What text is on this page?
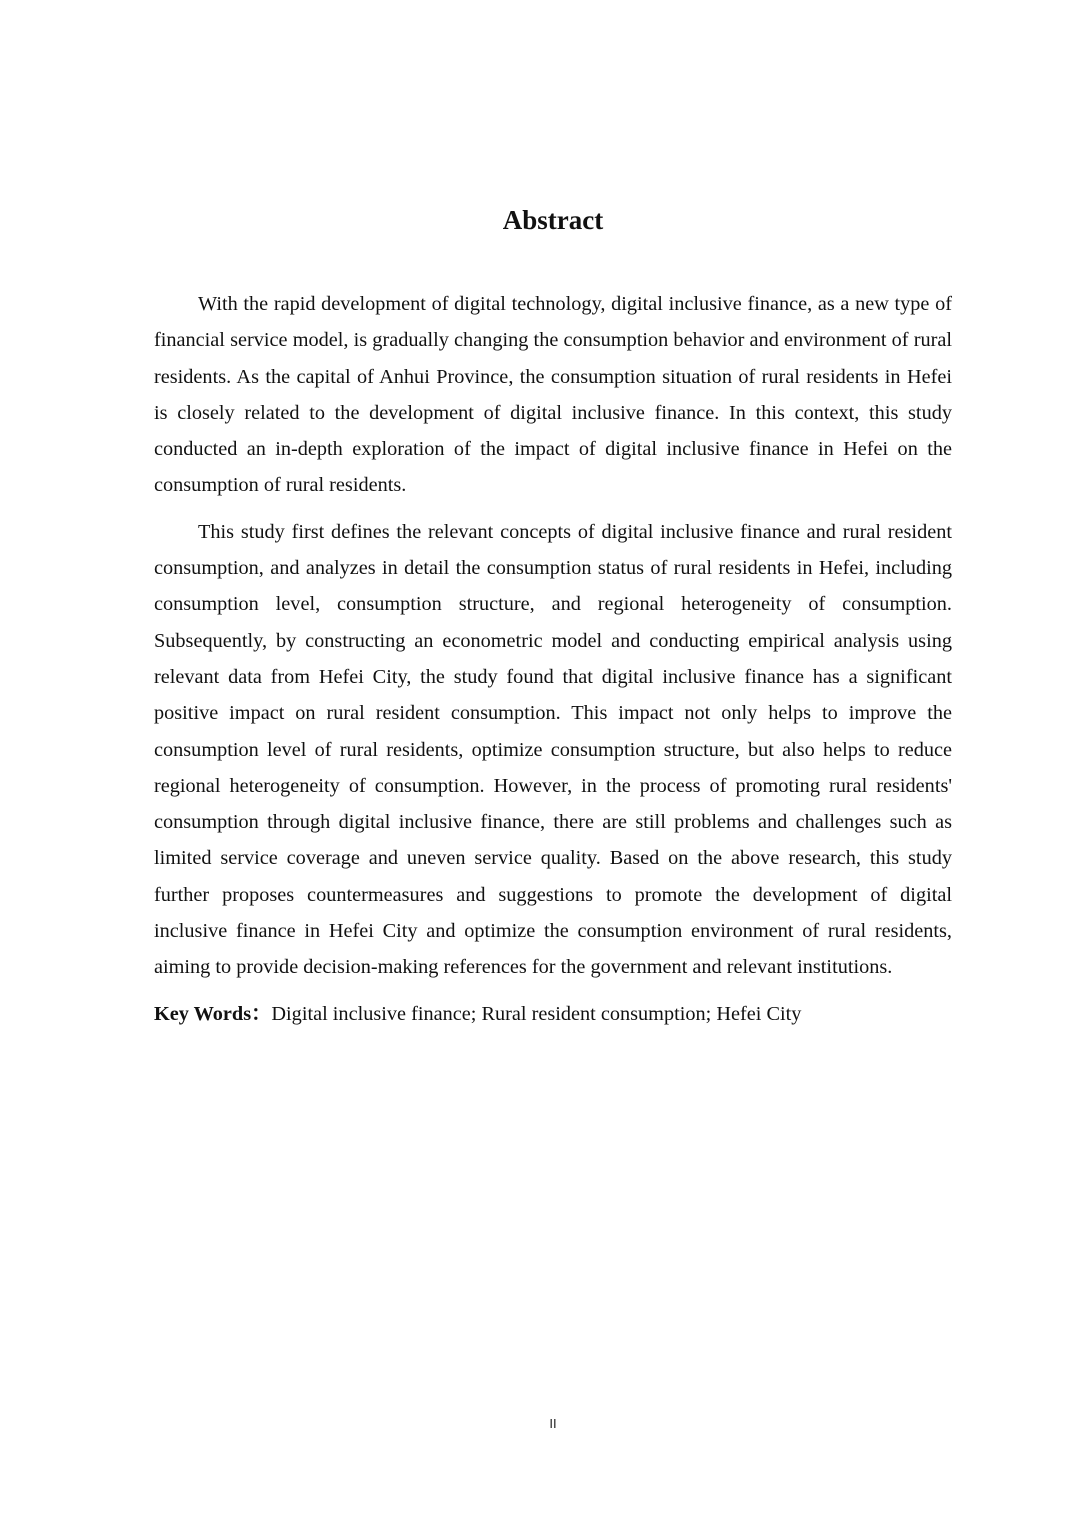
Abstract

With the rapid development of digital technology, digital inclusive finance, as a new type of financial service model, is gradually changing the consumption behavior and environment of rural residents. As the capital of Anhui Province, the consumption situation of rural residents in Hefei is closely related to the development of digital inclusive finance. In this context, this study conducted an in-depth exploration of the impact of digital inclusive finance in Hefei on the consumption of rural residents.

This study first defines the relevant concepts of digital inclusive finance and rural resident consumption, and analyzes in detail the consumption status of rural residents in Hefei, including consumption level, consumption structure, and regional heterogeneity of consumption. Subsequently, by constructing an econometric model and conducting empirical analysis using relevant data from Hefei City, the study found that digital inclusive finance has a significant positive impact on rural resident consumption. This impact not only helps to improve the consumption level of rural residents, optimize consumption structure, but also helps to reduce regional heterogeneity of consumption. However, in the process of promoting rural residents' consumption through digital inclusive finance, there are still problems and challenges such as limited service coverage and uneven service quality. Based on the above research, this study further proposes countermeasures and suggestions to promote the development of digital inclusive finance in Hefei City and optimize the consumption environment of rural residents, aiming to provide decision-making references for the government and relevant institutions.

Key Words：Digital inclusive finance; Rural resident consumption; Hefei City

II
